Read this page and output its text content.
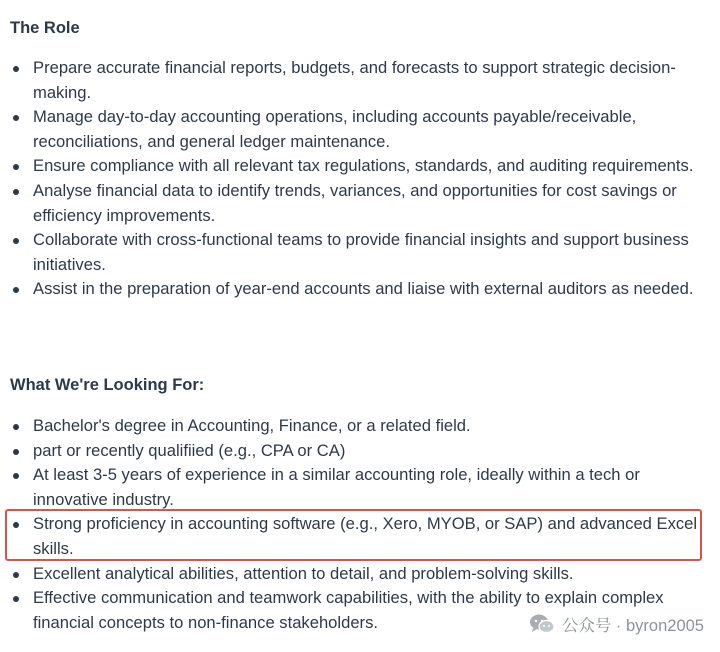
The Role
Prepare accurate financial reports, budgets, and forecasts to support strategic decision-making.
Manage day-to-day accounting operations, including accounts payable/receivable, reconciliations, and general ledger maintenance.
Ensure compliance with all relevant tax regulations, standards, and auditing requirements.
Analyse financial data to identify trends, variances, and opportunities for cost savings or efficiency improvements.
Collaborate with cross-functional teams to provide financial insights and support business initiatives.
Assist in the preparation of year-end accounts and liaise with external auditors as needed.
What We're Looking For:
Bachelor's degree in Accounting, Finance, or a related field.
part or recently qualifiied (e.g., CPA or CA)
At least 3-5 years of experience in a similar accounting role, ideally within a tech or innovative industry.
Strong proficiency in accounting software (e.g., Xero, MYOB, or SAP) and advanced Excel skills.
Excellent analytical abilities, attention to detail, and problem-solving skills.
Effective communication and teamwork capabilities, with the ability to explain complex financial concepts to non-finance stakeholders.	公众号 · byron2005
